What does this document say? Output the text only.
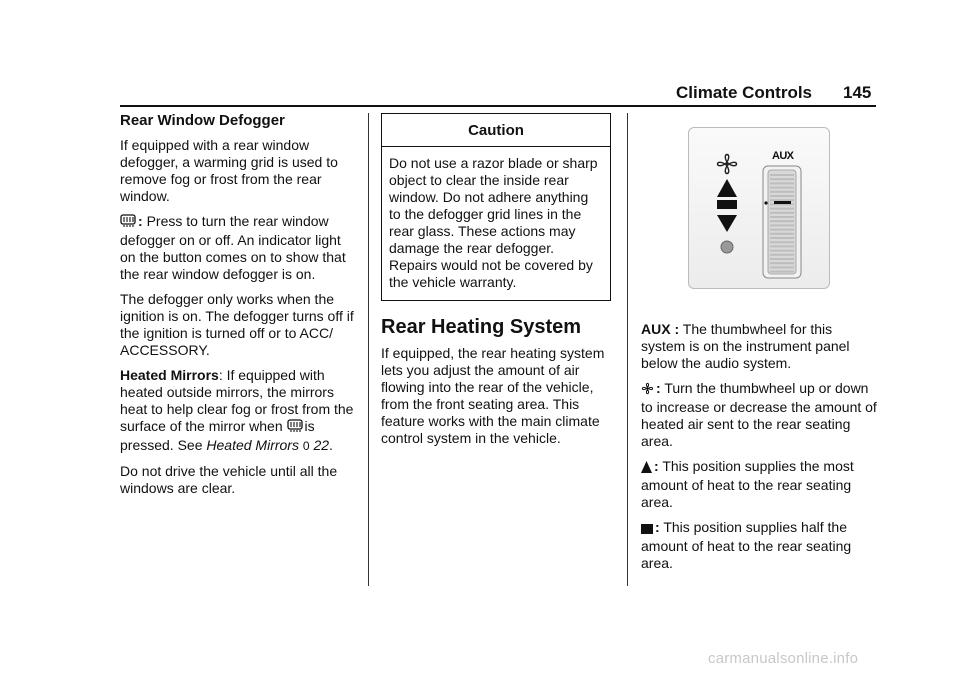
Climate Controls 145
Rear Window Defogger

If equipped with a rear window defogger, a warming grid is used to remove fog or frost from the rear window.

: Press to turn the rear window defogger on or off. An indicator light on the button comes on to show that the rear window defogger is on.

The defogger only works when the ignition is on. The defogger turns off if the ignition is turned off or to ACC/ ACCESSORY.

Heated Mirrors: If equipped with heated outside mirrors, the mirrors heat to help clear fog or frost from the surface of the mirror when is pressed. See Heated Mirrors 0 22.

Do not drive the vehicle until all the windows are clear.

Caution
Do not use a razor blade or sharp object to clear the inside rear window. Do not adhere anything to the defogger grid lines in the rear glass. These actions may damage the rear defogger. Repairs would not be covered by the vehicle warranty.
Rear Heating System

If equipped, the rear heating system lets you adjust the amount of air flowing into the rear of the vehicle, from the front seating area. This feature works with the main climate control system in the vehicle.

AUX

AUX : The thumbwheel for this system is on the instrument panel below the audio system.

: Turn the thumbwheel up or down to increase or decrease the amount of heated air sent to the rear seating area.

: This position supplies the most amount of heat to the rear seating area.

: This position supplies half the amount of heat to the rear seating area.

carmanualsonline.info
